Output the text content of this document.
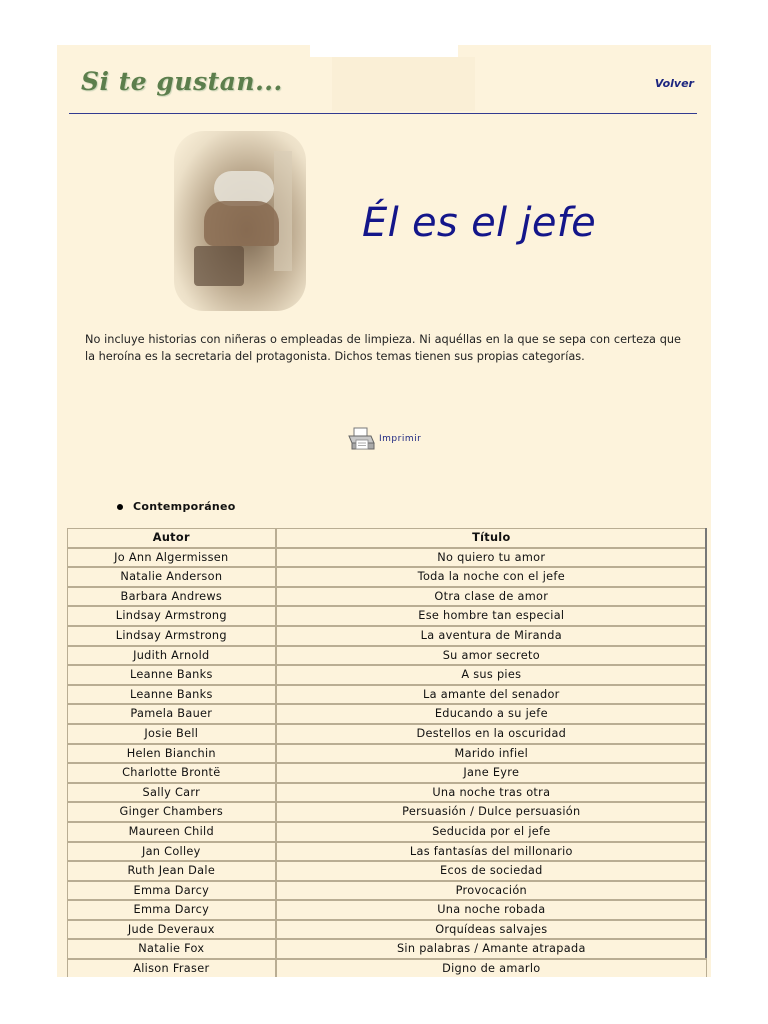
Si te gustan...	Volver
Él es el jefe

No incluye historias con niñeras o empleadas de limpieza. Ni aquéllas en la que se sepa con certeza que la heroína es la secretaria del protagonista. Dichos temas tienen sus propias categorías.

Imprimir
Contemporáneo
Autor	Título
Jo Ann Algermissen	No quiero tu amor
Natalie Anderson	Toda la noche con el jefe
Barbara Andrews	Otra clase de amor
Lindsay Armstrong	Ese hombre tan especial
Lindsay Armstrong	La aventura de Miranda
Judith Arnold	Su amor secreto
Leanne Banks	A sus pies
Leanne Banks	La amante del senador
Pamela Bauer	Educando a su jefe
Josie Bell	Destellos en la oscuridad
Helen Bianchin	Marido infiel
Charlotte Brontë	Jane Eyre
Sally Carr	Una noche tras otra
Ginger Chambers	Persuasión / Dulce persuasión
Maureen Child	Seducida por el jefe
Jan Colley	Las fantasías del millonario
Ruth Jean Dale	Ecos de sociedad
Emma Darcy	Provocación
Emma Darcy	Una noche robada
Jude Deveraux	Orquídeas salvajes
Natalie Fox	Sin palabras / Amante atrapada
Alison Fraser	Digno de amarlo
